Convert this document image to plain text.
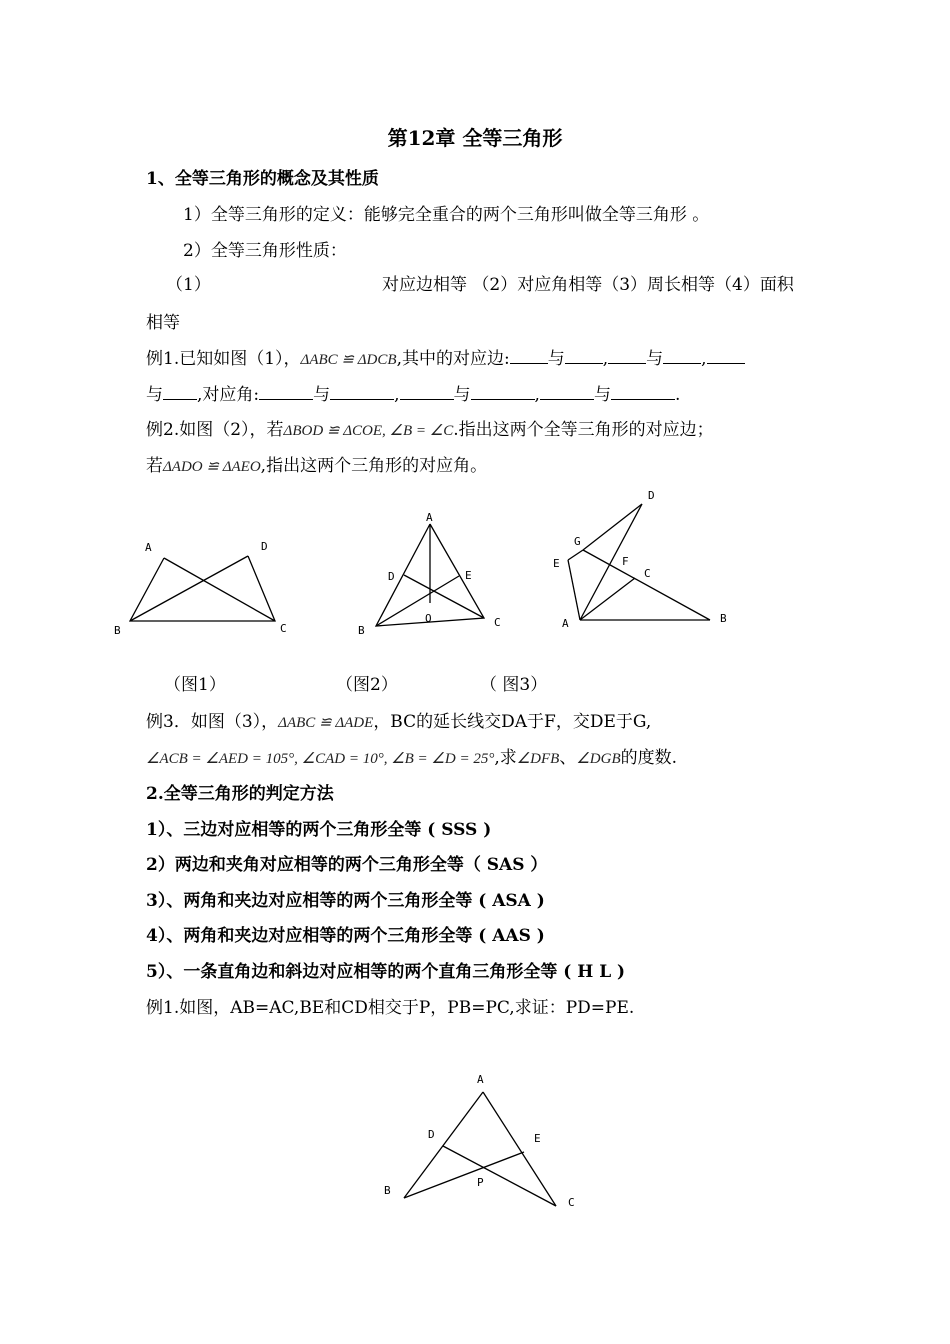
第12章 全等三角形
1、全等三角形的概念及其性质
1）全等三角形的定义：能够完全重合的两个三角形叫做全等三角形 。
2）全等三角形性质：
（1）	对应边相等 （2）对应角相等（3）周长相等（4）面积
相等
例1.已知如图（1），ΔABC ≌ ΔDCB,其中的对应边: 与 , 与 ,
与 ,对应角:	与	,	与	,	与	.
例2.如图（2），若ΔBOD ≌ ΔCOE, ∠B = ∠C.指出这两个全等三角形的对应边；
若ΔADO ≌ ΔAEO,指出这两个三角形的对应角。
A	D
B	C
A
D	E
O
B
C
D
G
E	F
C
A	B
A
D	E
B
P
C
（图1）	（图2）	（ 图3）
例3．如图（3），ΔABC ≌ ΔADE，BC的延长线交DA于F，交DE于G,
∠ACB = ∠AED = 105°, ∠CAD = 10°, ∠B = ∠D = 25°,求∠DFB、∠DGB的度数.
2.全等三角形的判定方法
1）、三边对应相等的两个三角形全等 ( SSS )
2）两边和夹角对应相等的两个三角形全等（ SAS ）
3）、两角和夹边对应相等的两个三角形全等 ( ASA )
4）、两角和夹边对应相等的两个三角形全等 ( AAS )
5）、一条直角边和斜边对应相等的两个直角三角形全等 ( H L )
例1.如图，AB=AC,BE和CD相交于P，PB=PC,求证：PD=PE.
